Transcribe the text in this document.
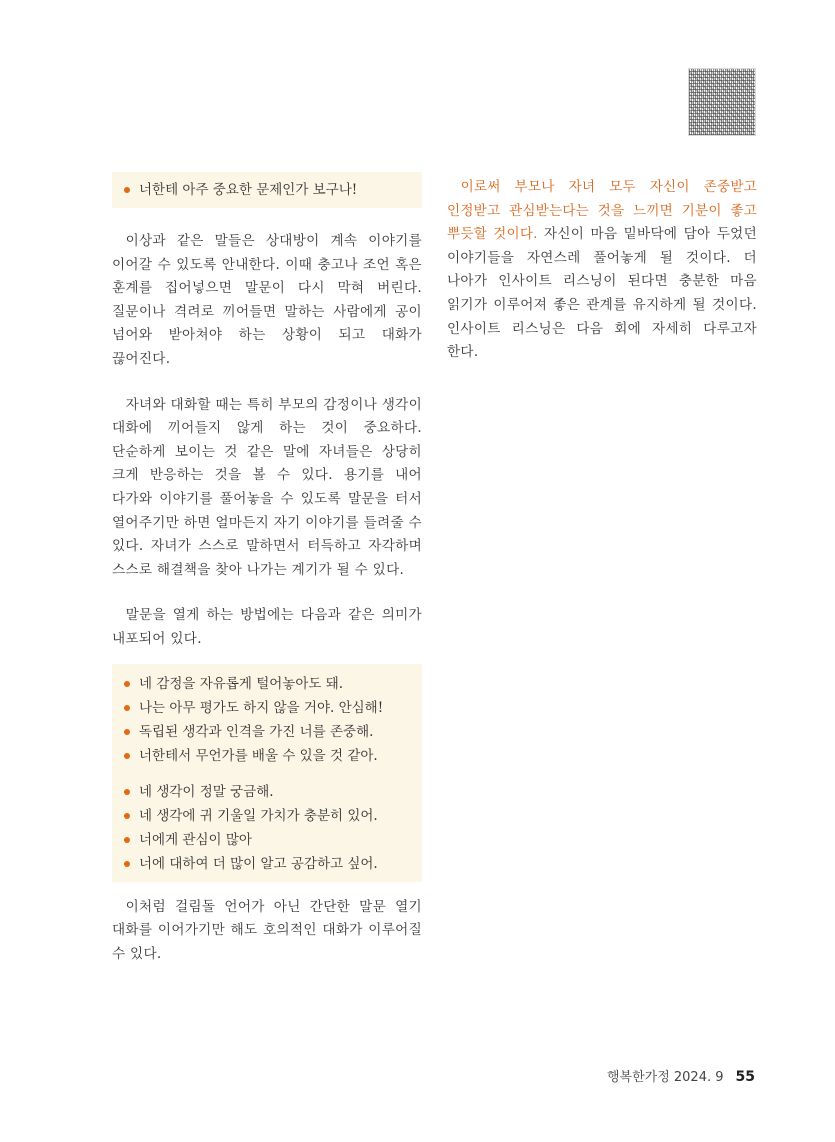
너한테 아주 중요한 문제인가 보구나!

이상과 같은 말들은 상대방이 계속 이야기를 이어갈 수 있도록 안내한다. 이때 충고나 조언 혹은 훈계를 집어넣으면 말문이 다시 막혀 버린다. 질문이나 격려로 끼어들면 말하는 사람에게 공이 넘어와 받아쳐야 하는 상황이 되고 대화가 끊어진다.

자녀와 대화할 때는 특히 부모의 감정이나 생각이 대화에 끼어들지 않게 하는 것이 중요하다. 단순하게 보이는 것 같은 말에 자녀들은 상당히 크게 반응하는 것을 볼 수 있다. 용기를 내어 다가와 이야기를 풀어놓을 수 있도록 말문을 터서 열어주기만 하면 얼마든지 자기 이야기를 들려줄 수 있다. 자녀가 스스로 말하면서 터득하고 자각하며 스스로 해결책을 찾아 나가는 계기가 될 수 있다.

말문을 열게 하는 방법에는 다음과 같은 의미가 내포되어 있다.

네 감정을 자유롭게 털어놓아도 돼.
나는 아무 평가도 하지 않을 거야. 안심해!
독립된 생각과 인격을 가진 너를 존중해.
너한테서 무언가를 배울 수 있을 것 같아.
네 생각이 정말 궁금해.
네 생각에 귀 기울일 가치가 충분히 있어.
너에게 관심이 많아
너에 대하여 더 많이 알고 공감하고 싶어.

이처럼 걸림돌 언어가 아닌 간단한 말문 열기 대화를 이어가기만 해도 호의적인 대화가 이루어질 수 있다.

이로써 부모나 자녀 모두 자신이 존중받고 인정받고 관심받는다는 것을 느끼면 기분이 좋고 뿌듯할 것이다. 자신이 마음 밑바닥에 담아 두었던 이야기들을 자연스레 풀어놓게 될 것이다. 더 나아가 인사이트 리스닝이 된다면 충분한 마음 읽기가 이루어져 좋은 관계를 유지하게 될 것이다. 인사이트 리스닝은 다음 회에 자세히 다루고자 한다.

행복한가정 2024. 9 55
